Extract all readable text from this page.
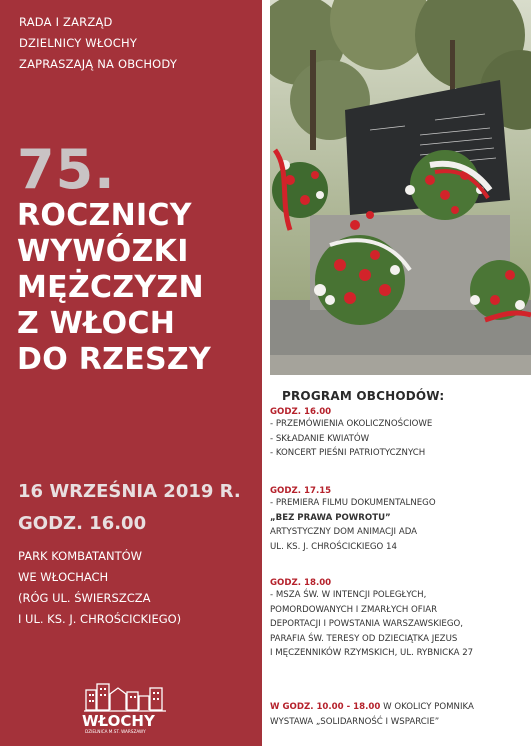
RADA I ZARZĄD
DZIELNICY WŁOCHY
ZAPRASZAJĄ NA OBCHODY
75.
ROCZNICY
WYWÓZKI
MĘŻCZYZN
Z WŁOCH
DO RZESZY
16 WRZEŚNIA 2019 R.
GODZ. 16.00
PARK KOMBATANTÓW
WE WŁOCHACH
(RÓG UL. ŚWIERSZCZA
I UL. KS. J. CHROŚCICKIEGO)
WŁOCHY
DZIELNICA M.ST. WARSZAWY
PROGRAM OBCHODÓW:
GODZ. 16.00
- PRZEMÓWIENIA OKOLICZNOŚCIOWE
- SKŁADANIE KWIATÓW
- KONCERT PIEŚNI PATRIOTYCZNYCH
GODZ. 17.15
- PREMIERA FILMU DOKUMENTALNEGO
„BEZ PRAWA POWROTU”
ARTYSTYCZNY DOM ANIMACJI ADA
UL. KS. J. CHROŚCICKIEGO 14
GODZ. 18.00
- MSZA ŚW. W INTENCJI POLEGŁYCH,
POMORDOWANYCH I ZMARŁYCH OFIAR
DEPORTACJI I POWSTANIA WARSZAWSKIEGO,
PARAFIA ŚW. TERESY OD DZIECIĄTKA JEZUS
I MĘCZENNIKÓW RZYMSKICH, UL. RYBNICKA 27
W GODZ. 10.00 - 18.00 W OKOLICY POMNIKA
WYSTAWA „SOLIDARNOŚĆ I WSPARCIE”
